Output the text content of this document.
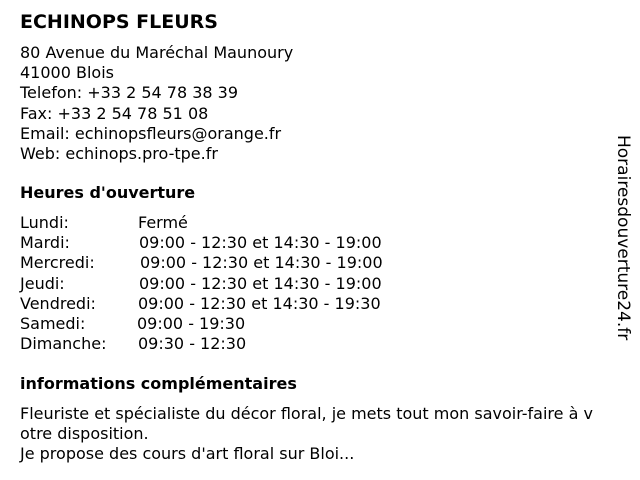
ECHINOPS FLEURS
80 Avenue du Maréchal Maunoury
41000 Blois
Telefon: +33 2 54 78 38 39
Fax: +33 2 54 78 51 08
Email: echinopsfleurs@orange.fr
Web: echinops.pro-tpe.fr
Heures d'ouverture
Lundi:	Fermé
Mardi:	09:00 - 12:30 et 14:30 - 19:00
Mercredi:	09:00 - 12:30 et 14:30 - 19:00
Jeudi:	09:00 - 12:30 et 14:30 - 19:00
Vendredi:	09:00 - 12:30 et 14:30 - 19:30
Samedi:	09:00 - 19:30
Dimanche: 09:30 - 12:30
informations complémentaires
Fleuriste et spécialiste du décor floral, je mets tout mon savoir-faire à votre disposition.
Je propose des cours d'art floral sur Bloi...
Horairesdouverture24.fr
